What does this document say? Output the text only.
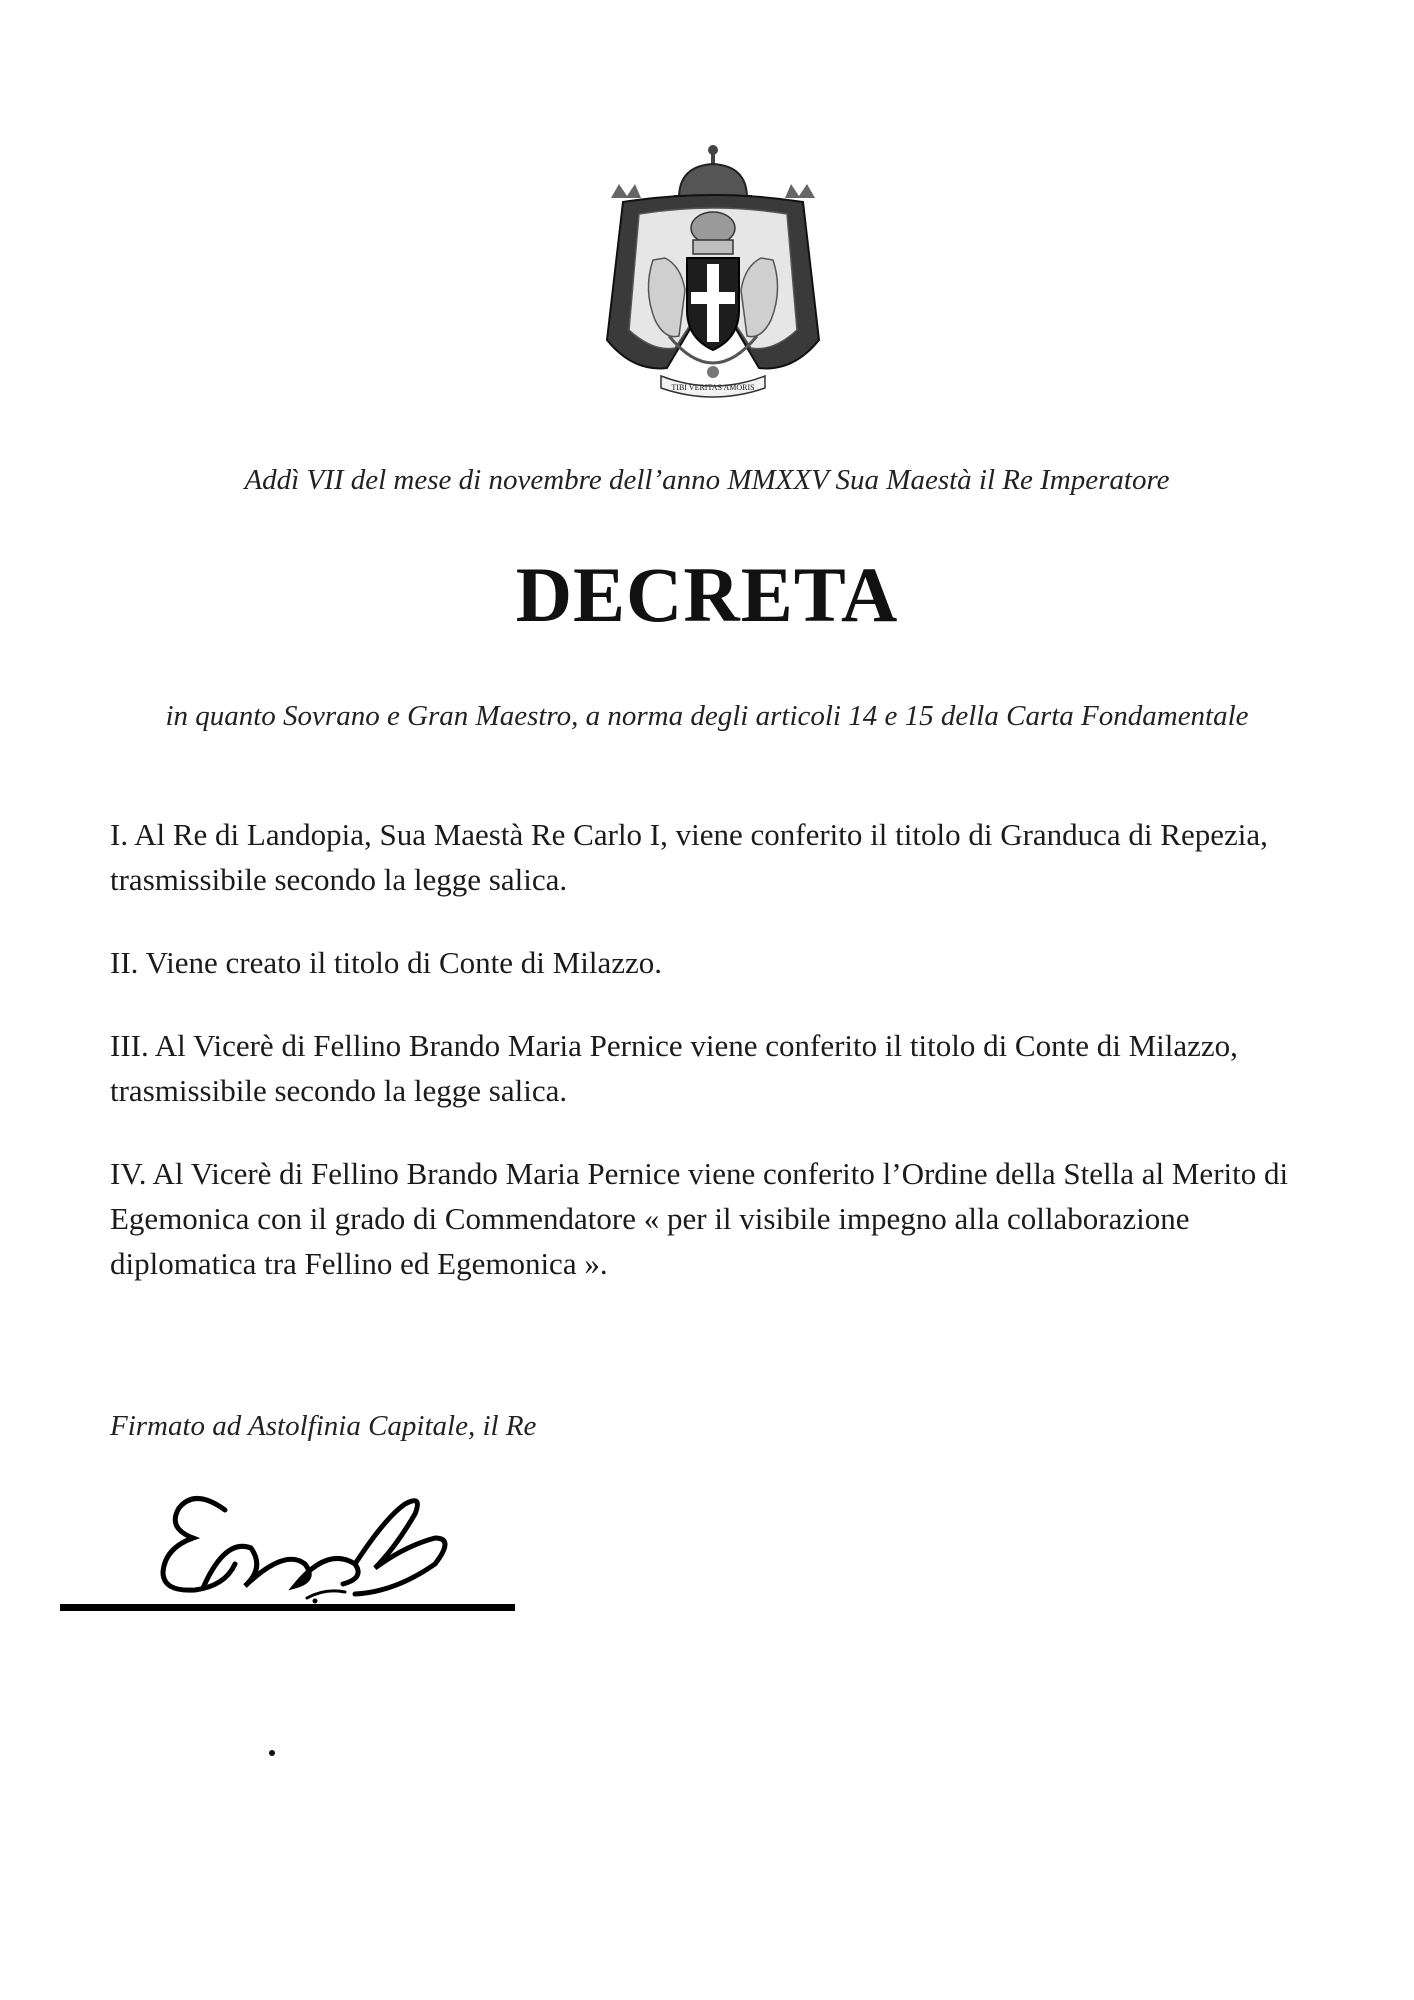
TIBI VERITAS AMORIS
Addì VII del mese di novembre dell’anno MMXXV Sua Maestà il Re Imperatore
DECRETA
in quanto Sovrano e Gran Maestro, a norma degli articoli 14 e 15 della Carta Fondamentale

I. Al Re di Landopia, Sua Maestà Re Carlo I, viene conferito il titolo di Granduca di Repezia, trasmissibile secondo la legge salica.

II. Viene creato il titolo di Conte di Milazzo.

III. Al Vicerè di Fellino Brando Maria Pernice viene conferito il titolo di Conte di Milazzo, trasmissibile secondo la legge salica.

IV. Al Vicerè di Fellino Brando Maria Pernice viene conferito l’Ordine della Stella al Merito di Egemonica con il grado di Commendatore « per il visibile impegno alla collaborazione diplomatica tra Fellino ed Egemonica ».

Firmato ad Astolfinia Capitale, il Re
